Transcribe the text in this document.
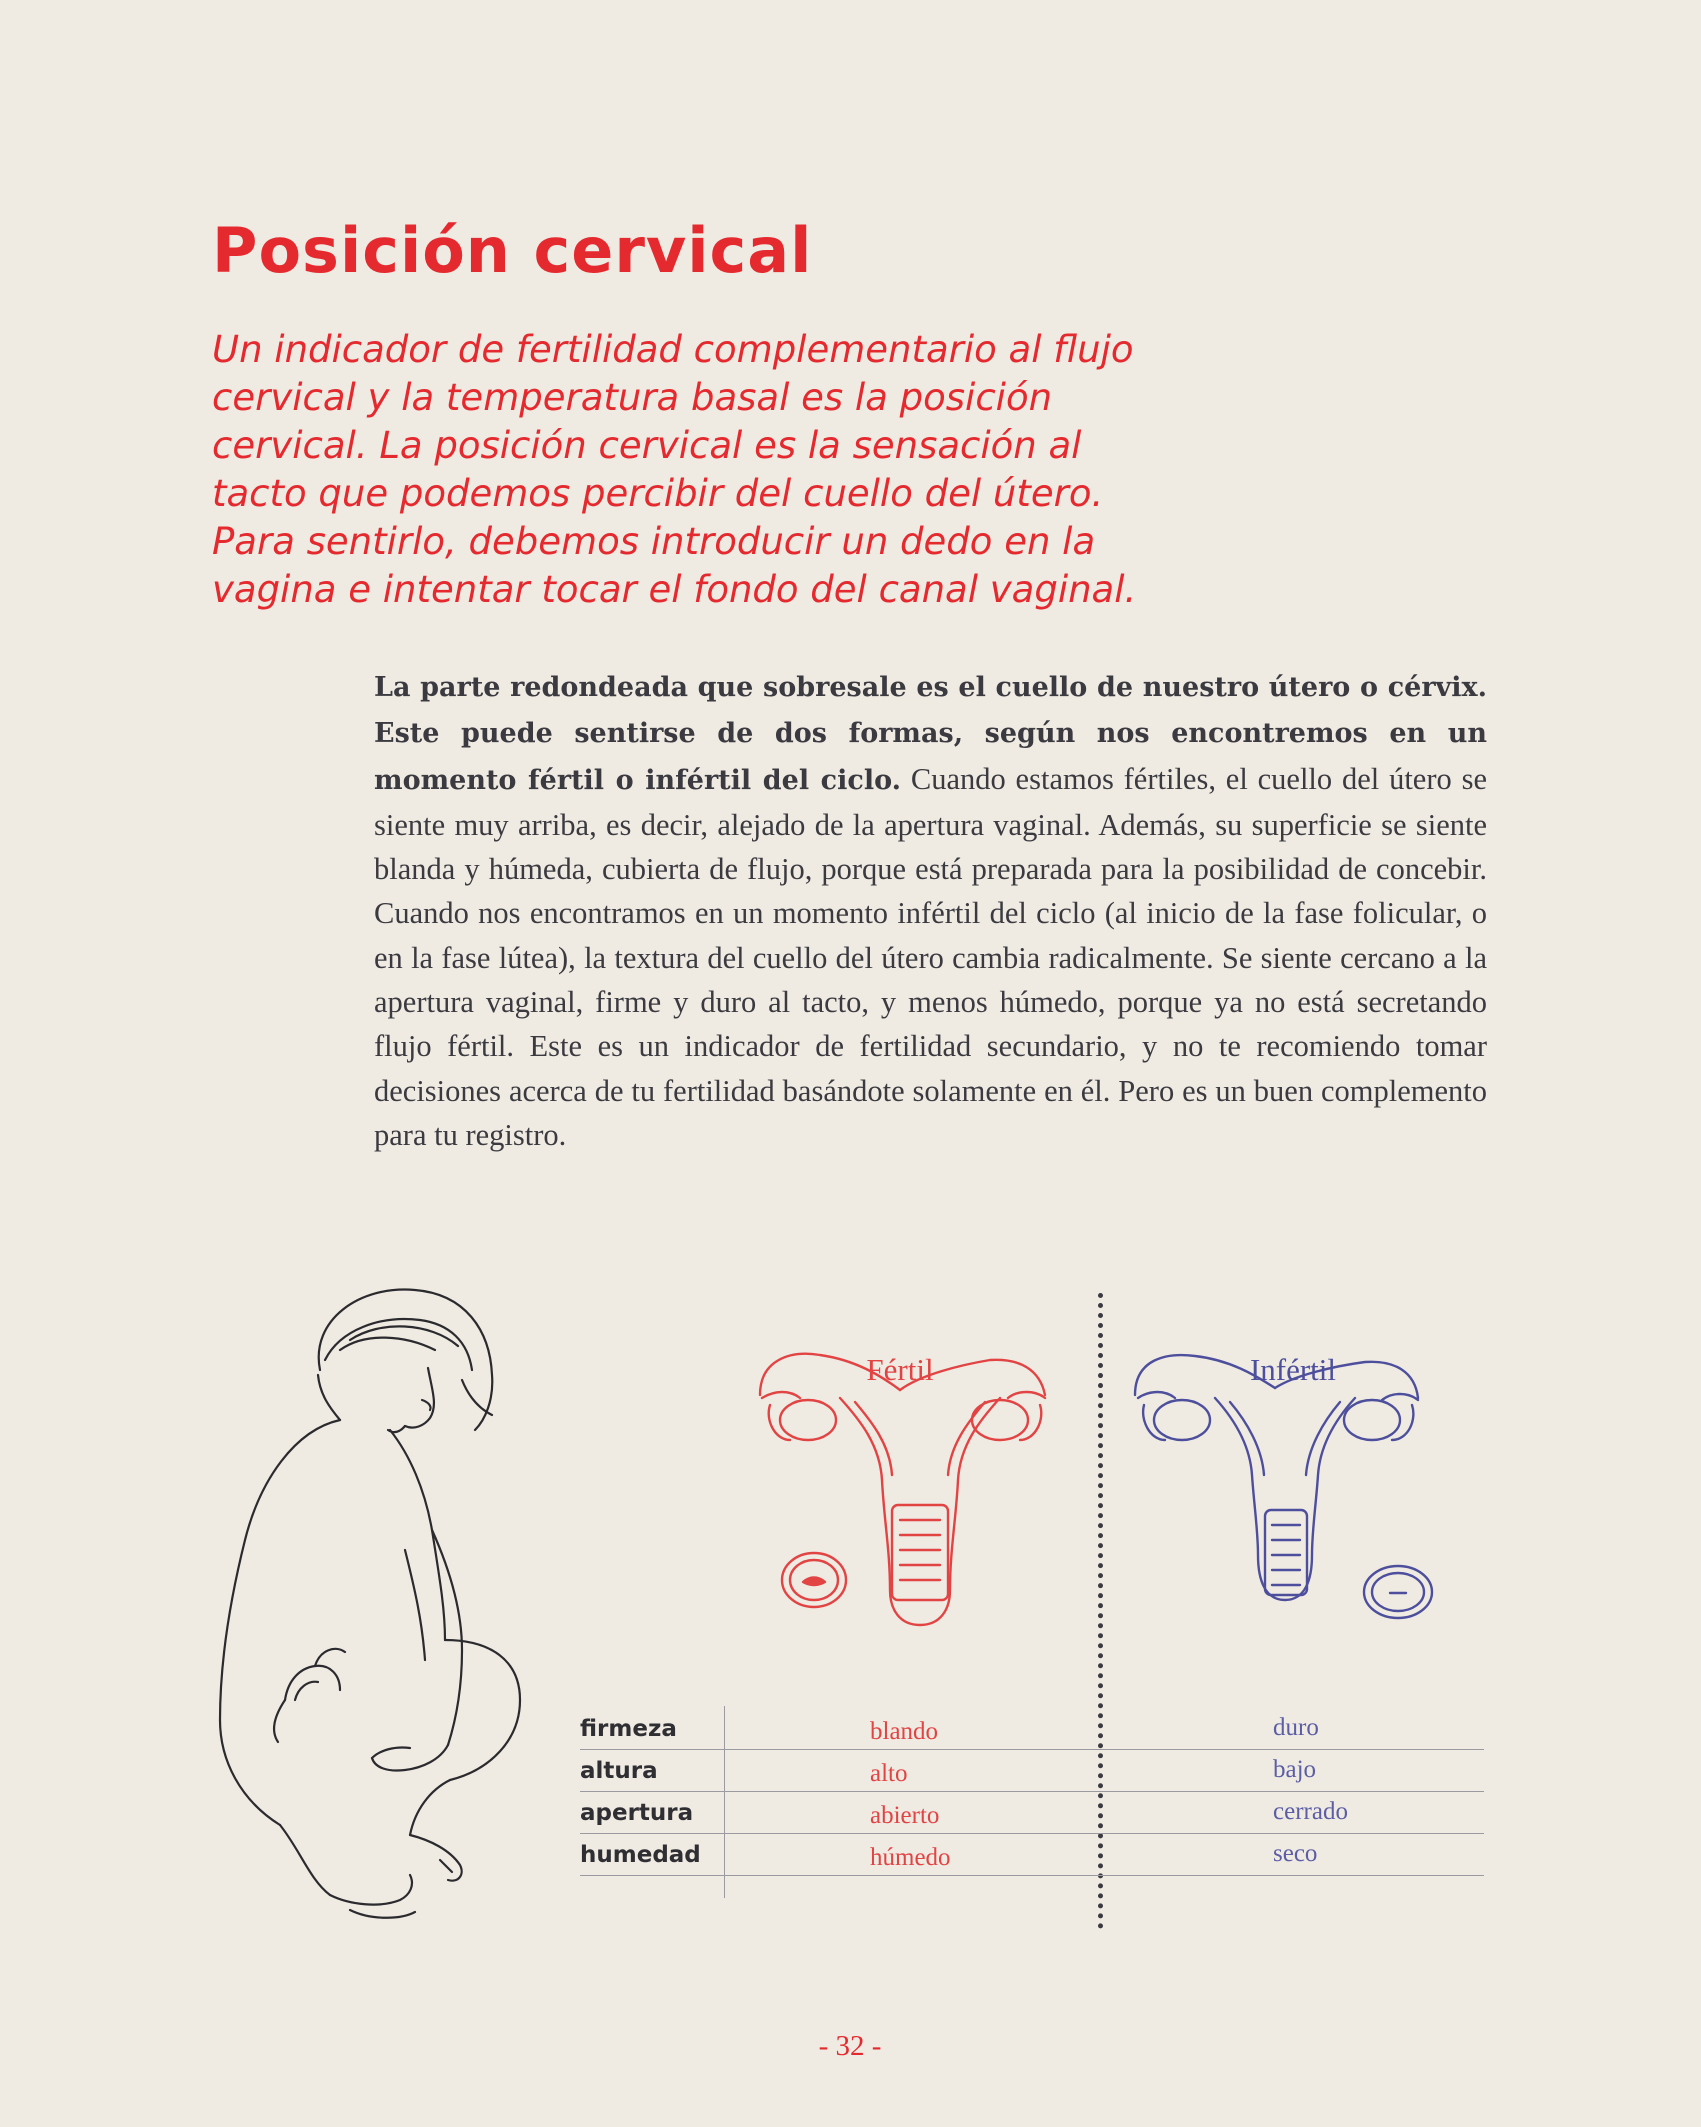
Posición cervical

Un indicador de fertilidad complementario al flujo cervical y la temperatura basal es la posición cervical. La posición cervical es la sensación al tacto que podemos percibir del cuello del útero. Para sentirlo, debemos introducir un dedo en la vagina e intentar tocar el fondo del canal vaginal.

La parte redondeada que sobresale es el cuello de nuestro útero o cérvix. Este puede sentirse de dos formas, según nos encontremos en un momento fértil o infértil del ciclo. Cuando estamos fértiles, el cuello del útero se siente muy arriba, es decir, alejado de la apertura vaginal. Además, su superficie se siente blanda y húmeda, cubierta de flujo, porque está preparada para la posibilidad de concebir. Cuando nos encontramos en un momento infértil del ciclo (al inicio de la fase folicular, o en la fase lútea), la textura del cuello del útero cambia radicalmente. Se siente cercano a la apertura vaginal, firme y duro al tacto, y menos húmedo, porque ya no está secretando flujo fértil. Este es un indicador de fertilidad secundario, y no te recomiendo tomar decisiones acerca de tu fertilidad basándote solamente en él. Pero es un buen complemento para tu registro.

Fértil	Infértil
firmeza	blando	duro
altura	alto	bajo
apertura	abierto	cerrado
humedad	húmedo	seco
- 32 -
